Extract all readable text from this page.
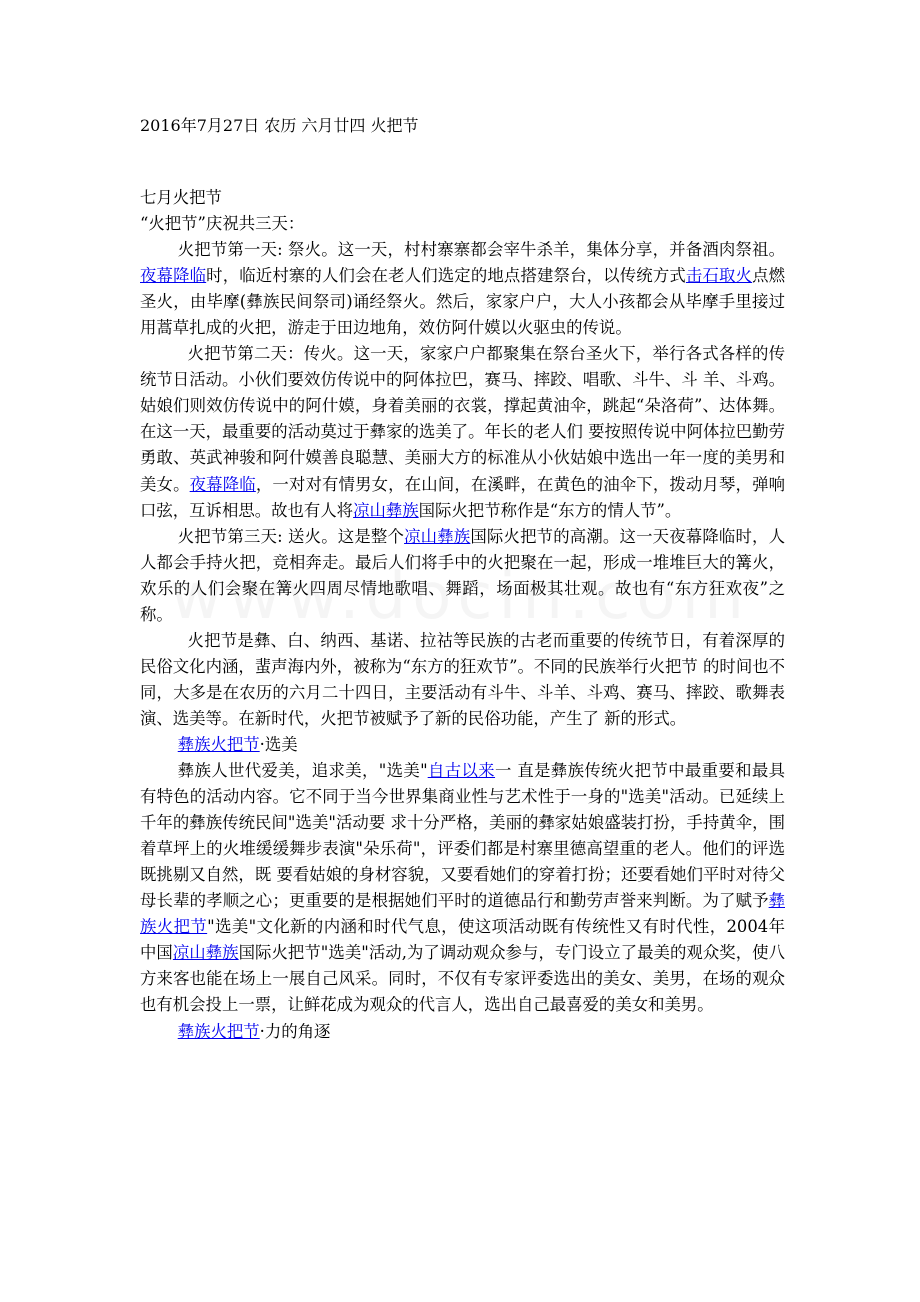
2016年7月27日 农历 六月廿四 火把节

七月火把节

“火把节”庆祝共三天：

火把节第一天: 祭火。这一天，村村寨寨都会宰牛杀羊，集体分享，并备酒肉祭祖。夜幕降临时，临近村寨的人们会在老人们选定的地点搭建祭台，以传统方式击石取火点燃圣火，由毕摩(彝族民间祭司)诵经祭火。然后，家家户户，大人小孩都会从毕摩手里接过用蒿草扎成的火把，游走于田边地角，效仿阿什嫫以火驱虫的传说。

火把节第二天：传火。这一天，家家户户都聚集在祭台圣火下，举行各式各样的传统节日活动。小伙们要效仿传说中的阿体拉巴，赛马、摔跤、唱歌、斗牛、斗 羊、斗鸡。姑娘们则效仿传说中的阿什嫫，身着美丽的衣裳，撑起黄油伞，跳起“朵洛荷”、达体舞。在这一天，最重要的活动莫过于彝家的选美了。年长的老人们 要按照传说中阿体拉巴勤劳勇敢、英武神骏和阿什嫫善良聪慧、美丽大方的标准从小伙姑娘中选出一年一度的美男和美女。夜幕降临，一对对有情男女，在山间，在溪畔，在黄色的油伞下，拨动月琴，弹响口弦，互诉相思。故也有人将凉山彝族国际火把节称作是“东方的情人节”。

火把节第三天: 送火。这是整个凉山彝族国际火把节的高潮。这一天夜幕降临时，人人都会手持火把，竞相奔走。最后人们将手中的火把聚在一起，形成一堆堆巨大的篝火，欢乐的人们会聚在篝火四周尽情地歌唱、舞蹈，场面极其壮观。故也有“东方狂欢夜”之称。

火把节是彝、白、纳西、基诺、拉祜等民族的古老而重要的传统节日，有着深厚的民俗文化内涵，蜚声海内外，被称为“东方的狂欢节”。不同的民族举行火把节 的时间也不同，大多是在农历的六月二十四日，主要活动有斗牛、斗羊、斗鸡、赛马、摔跤、歌舞表演、选美等。在新时代，火把节被赋予了新的民俗功能，产生了 新的形式。

彝族火把节·选美

彝族人世代爱美，追求美，"选美"自古以来一 直是彝族传统火把节中最重要和最具有特色的活动内容。它不同于当今世界集商业性与艺术性于一身的"选美"活动。已延续上千年的彝族传统民间"选美"活动要 求十分严格，美丽的彝家姑娘盛装打扮，手持黄伞，围着草坪上的火堆缓缓舞步表演"朵乐荷"，评委们都是村寨里德高望重的老人。他们的评选既挑剔又自然，既 要看姑娘的身材容貌，又要看她们的穿着打扮；还要看她们平时对待父母长辈的孝顺之心；更重要的是根据她们平时的道德品行和勤劳声誉来判断。为了赋予彝族火把节"选美"文化新的内涵和时代气息，使这项活动既有传统性又有时代性，2004年中国凉山彝族国际火把节"选美"活动,为了调动观众参与，专门设立了最美的观众奖，使八方来客也能在场上一展自己风采。同时，不仅有专家评委选出的美女、美男，在场的观众也有机会投上一票，让鲜花成为观众的代言人，选出自己最喜爱的美女和美男。

彝族火把节·力的角逐
